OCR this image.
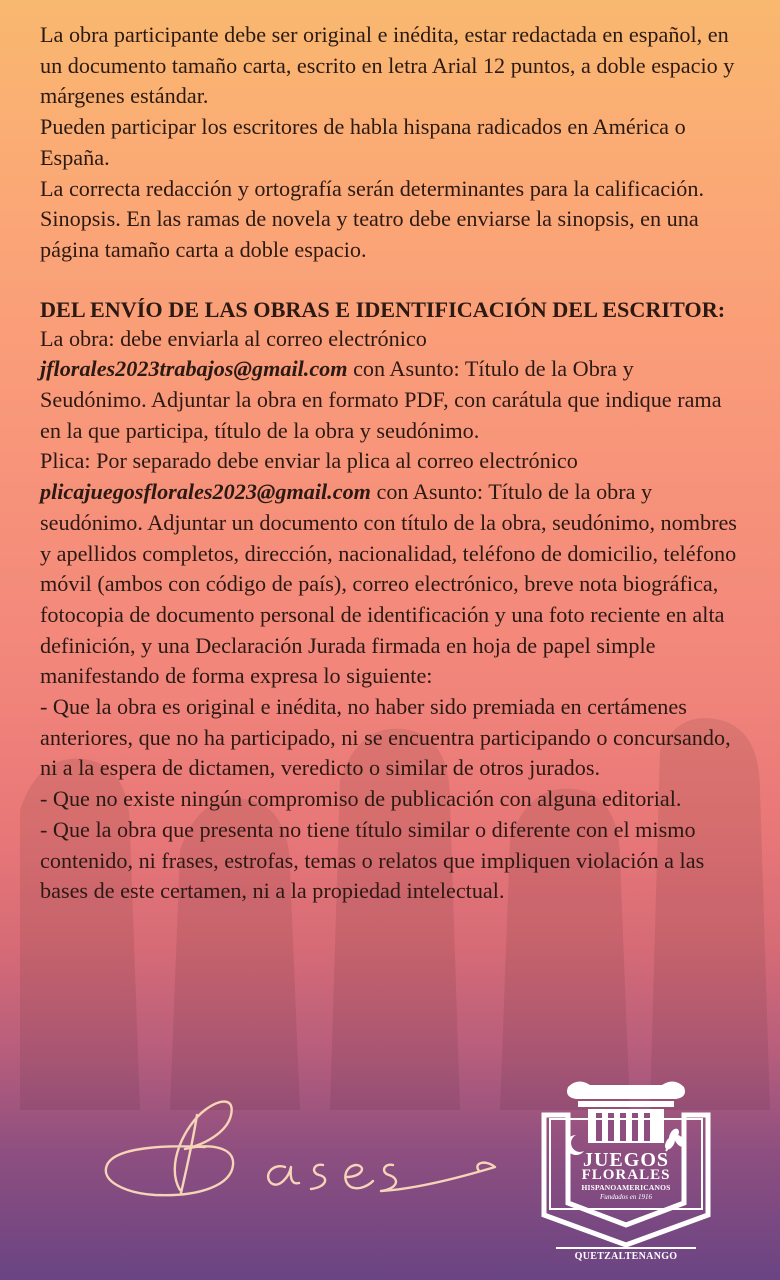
La obra participante debe ser original e inédita, estar redactada en español, en un documento tamaño carta, escrito en letra Arial 12 puntos, a doble espacio y márgenes estándar.

Pueden participar los escritores de habla hispana radicados en América o España.

La correcta redacción y ortografía serán determinantes para la calificación.

Sinopsis. En las ramas de novela y teatro debe enviarse la sinopsis, en una página tamaño carta a doble espacio.

DEL ENVÍO DE LAS OBRAS E IDENTIFICACIÓN DEL ESCRITOR:

La obra: debe enviarla al correo electrónico
jflorales2023trabajos@gmail.com con Asunto: Título de la Obra y Seudónimo. Adjuntar la obra en formato PDF, con carátula que indique rama en la que participa, título de la obra y seudónimo.

Plica: Por separado debe enviar la plica al correo electrónico
plicajuegosflorales2023@gmail.com con Asunto: Título de la obra y seudónimo. Adjuntar un documento con título de la obra, seudónimo, nombres y apellidos completos, dirección, nacionalidad, teléfono de domicilio, teléfono móvil (ambos con código de país), correo electrónico, breve nota biográfica, fotocopia de documento personal de identificación y una foto reciente en alta definición, y una Declaración Jurada firmada en hoja de papel simple manifestando de forma expresa lo siguiente:

- Que la obra es original e inédita, no haber sido premiada en certámenes anteriores, que no ha participado, ni se encuentra participando o concursando, ni a la espera de dictamen, veredicto o similar de otros jurados.

- Que no existe ningún compromiso de publicación con alguna editorial.

- Que la obra que presenta no tiene título similar o diferente con el mismo contenido, ni frases, estrofas, temas o relatos que impliquen violación a las bases de este certamen, ni a la propiedad intelectual.

JUEGOS
FLORALES
HISPANOAMERICANOS
Fundados en 1916
QUETZALTENANGO
